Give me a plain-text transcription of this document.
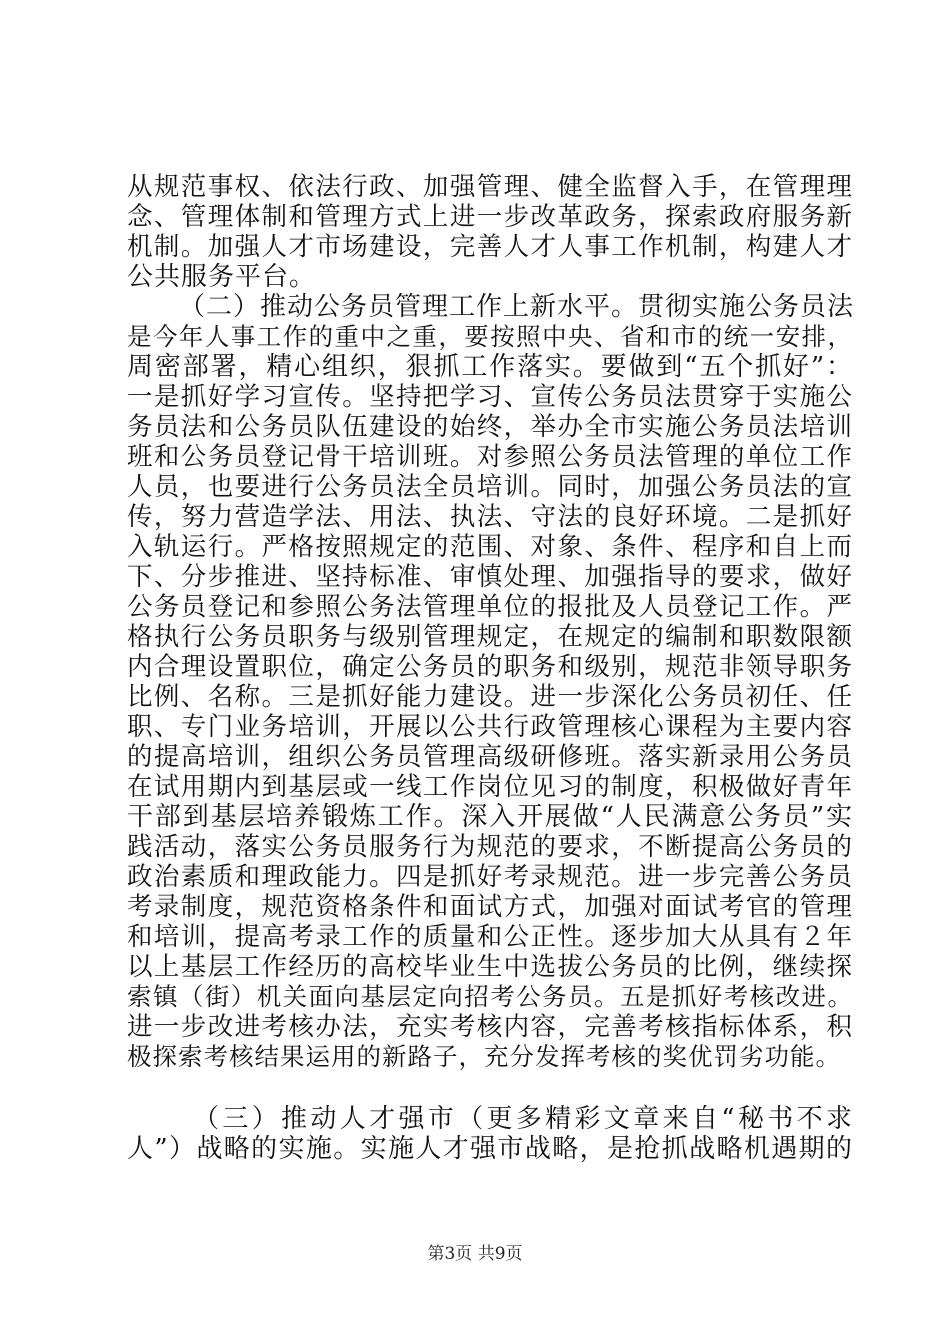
从规范事权、依法行政、加强管理、健全监督入手，在管理理
念、管理体制和管理方式上进一步改革政务，探索政府服务新
机制。加强人才市场建设，完善人才人事工作机制，构建人才
公共服务平台。
（二）推动公务员管理工作上新水平。贯彻实施公务员法
是今年人事工作的重中之重，要按照中央、省和市的统一安排，
周密部署，精心组织，狠抓工作落实。要做到“五个抓好”：
一是抓好学习宣传。坚持把学习、宣传公务员法贯穿于实施公
务员法和公务员队伍建设的始终，举办全市实施公务员法培训
班和公务员登记骨干培训班。对参照公务员法管理的单位工作
人员，也要进行公务员法全员培训。同时，加强公务员法的宣
传，努力营造学法、用法、执法、守法的良好环境。二是抓好
入轨运行。严格按照规定的范围、对象、条件、程序和自上而
下、分步推进、坚持标准、审慎处理、加强指导的要求，做好
公务员登记和参照公务法管理单位的报批及人员登记工作。严
格执行公务员职务与级别管理规定，在规定的编制和职数限额
内合理设置职位，确定公务员的职务和级别，规范非领导职务
比例、名称。三是抓好能力建设。进一步深化公务员初任、任
职、专门业务培训，开展以公共行政管理核心课程为主要内容
的提高培训，组织公务员管理高级研修班。落实新录用公务员
在试用期内到基层或一线工作岗位见习的制度，积极做好青年
干部到基层培养锻炼工作。深入开展做“人民满意公务员”实
践活动，落实公务员服务行为规范的要求，不断提高公务员的
政治素质和理政能力。四是抓好考录规范。进一步完善公务员
考录制度，规范资格条件和面试方式，加强对面试考官的管理
和培训，提高考录工作的质量和公正性。逐步加大从具有２年
以上基层工作经历的高校毕业生中选拔公务员的比例，继续探
索镇（街）机关面向基层定向招考公务员。五是抓好考核改进。
进一步改进考核办法，充实考核内容，完善考核指标体系，积
极探索考核结果运用的新路子，充分发挥考核的奖优罚劣功能。
（三）推动人才强市（更多精彩文章来自“秘书不求
人”）战略的实施。实施人才强市战略，是抢抓战略机遇期的
第3页 共9页
